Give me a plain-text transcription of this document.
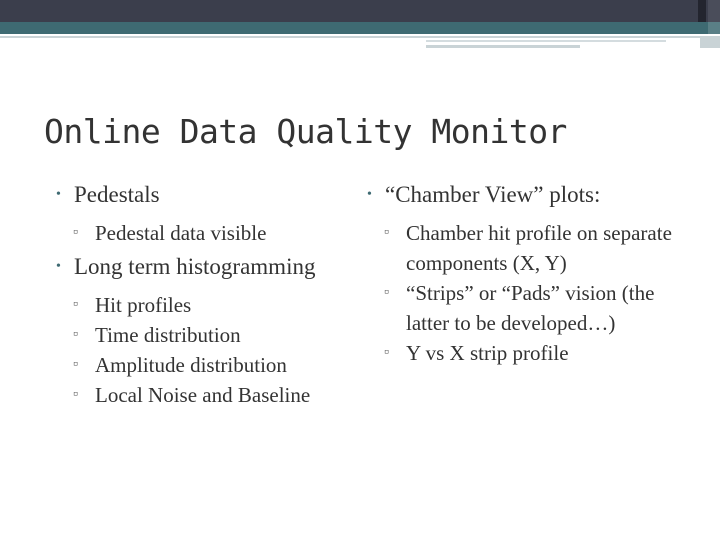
Online Data Quality Monitor
• Pedestals
▫ Pedestal data visible
• Long term histogramming
▫ Hit profiles
▫ Time distribution
▫ Amplitude distribution
▫ Local Noise and Baseline
• “Chamber View” plots:
▫ Chamber hit profile on separate components (X, Y)
▫ “Strips” or “Pads” vision (the latter to be developed…)
▫ Y vs X strip profile
